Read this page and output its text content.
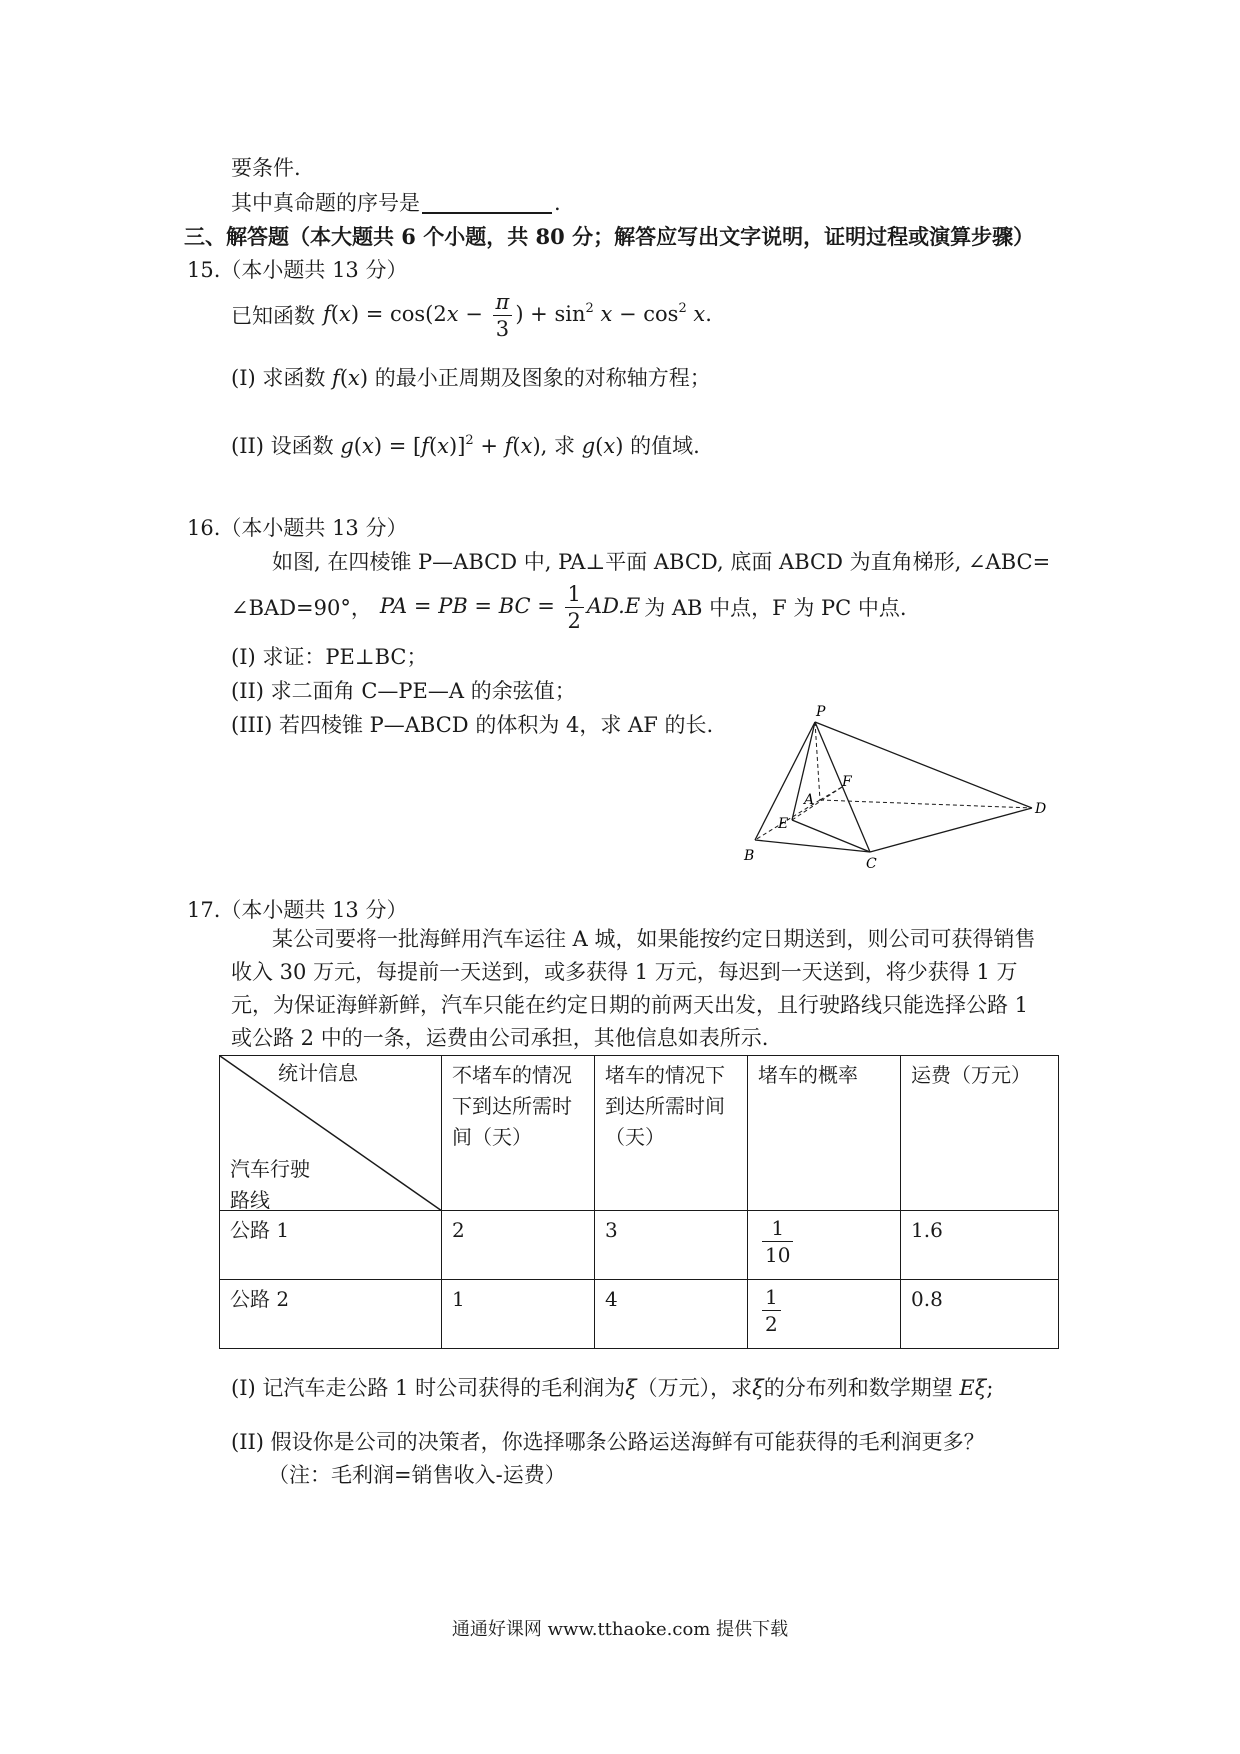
要条件.
其中真命题的序号是	.
三、解答题（本大题共 6 个小题，共 80 分；解答应写出文字说明，证明过程或演算步骤）
15.（本小题共 13 分）
已知函数 $f(x) = \cos(2x - \frac{\pi}{3}$ ) + $\sin^2 x - \cos^2 x$.
(I) 求函数 f(x) 的最小正周期及图象的对称轴方程；
(II) 设函数 $g(x) = [f(x)]^2 + f(x)$, 求 g(x) 的值域.
16.（本小题共 13 分）
如图, 在四棱锥 P—ABCD 中, PA⊥平面 ABCD, 底面 ABCD 为直角梯形, ∠ABC=
∠BAD=90°， PA = PB = BC = $\frac{1}{2} AD.E$ 为 AB 中点，F 为 PC 中点.
(I) 求证：PE⊥BC；
(II) 求二面角 C—PE—A 的余弦值；
(III) 若四棱锥 P—ABCD 的体积为 4，求 AF 的长.
P
A
F
D
E
B	C
17.（本小题共 13 分）
某公司要将一批海鲜用汽车运往 A 城，如果能按约定日期送到，则公司可获得销售收入 30 万元，每提前一天送到，或多获得 1 万元，每迟到一天送到，将少获得 1 万元，为保证海鲜新鲜，汽车只能在约定日期的前两天出发，且行驶路线只能选择公路 1 或公路 2 中的一条，运费由公司承担，其他信息如表所示.
统计信息
汽车行驶
路线	不堵车的情况下到达所需时间（天）	堵车的情况下到达所需时间（天）	堵车的概率	运费（万元）
公路 1	2	3	$\frac{1}{10}$	1.6
公路 2	1	4	$\frac{1}{2}$	0.8
(I) 记汽车走公路 1 时公司获得的毛利润为ξ（万元），求ξ的分布列和数学期望 Eξ;
(II) 假设你是公司的决策者，你选择哪条公路运送海鲜有可能获得的毛利润更多？
（注：毛利润=销售收入-运费）
通通好课网 www.tthaoke.com 提供下载
